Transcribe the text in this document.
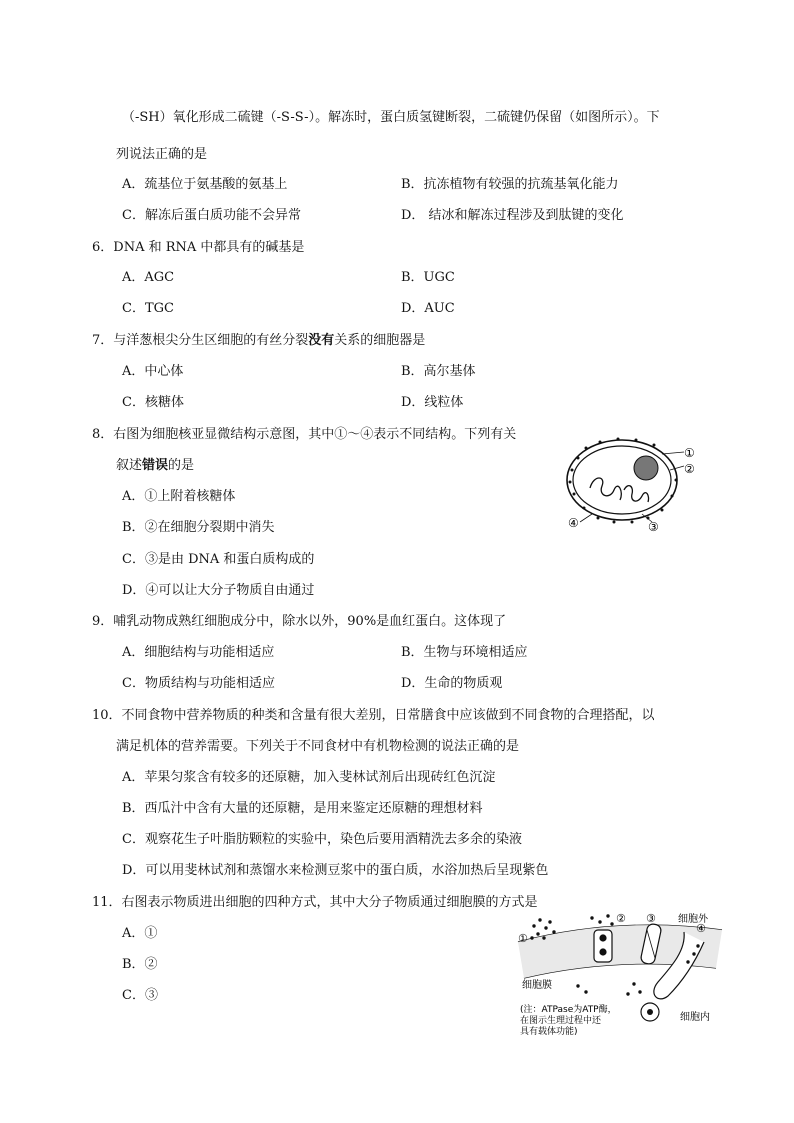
（-SH）氧化形成二硫键（-S-S-）。解冻时，蛋白质氢键断裂，二硫键仍保留（如图所示）。下
列说法正确的是
A．巯基位于氨基酸的氨基上	B．抗冻植物有较强的抗巯基氧化能力
C．解冻后蛋白质功能不会异常	D． 结冰和解冻过程涉及到肽键的变化
6．DNA 和 RNA 中都具有的碱基是
A．AGC	B．UGC
C．TGC	D．AUC
7．与洋葱根尖分生区细胞的有丝分裂没有关系的细胞器是
A．中心体	B．高尔基体
C．核糖体	D．线粒体
8．右图为细胞核亚显微结构示意图，其中①～④表示不同结构。下列有关
叙述错误的是
A．①上附着核糖体
B．②在细胞分裂期中消失
C．③是由 DNA 和蛋白质构成的
D．④可以让大分子物质自由通过
①
②
③
④
9．哺乳动物成熟红细胞成分中，除水以外，90%是血红蛋白。这体现了
A．细胞结构与功能相适应	B．生物与环境相适应
C．物质结构与功能相适应	D．生命的物质观
10．不同食物中营养物质的种类和含量有很大差别，日常膳食中应该做到不同食物的合理搭配，以
满足机体的营养需要。下列关于不同食材中有机物检测的说法正确的是
A．苹果匀浆含有较多的还原糖，加入斐林试剂后出现砖红色沉淀
B．西瓜汁中含有大量的还原糖，是用来鉴定还原糖的理想材料
C．观察花生子叶脂肪颗粒的实验中，染色后要用酒精洗去多余的染液
D．可以用斐林试剂和蒸馏水来检测豆浆中的蛋白质，水浴加热后呈现紫色
11．右图表示物质进出细胞的四种方式，其中大分子物质通过细胞膜的方式是
A．①
B．②
C．③
①
② ③
④
细胞外
细胞膜
细胞内
(注：ATPase为ATP酶，
在图示生理过程中还
具有载体功能)
